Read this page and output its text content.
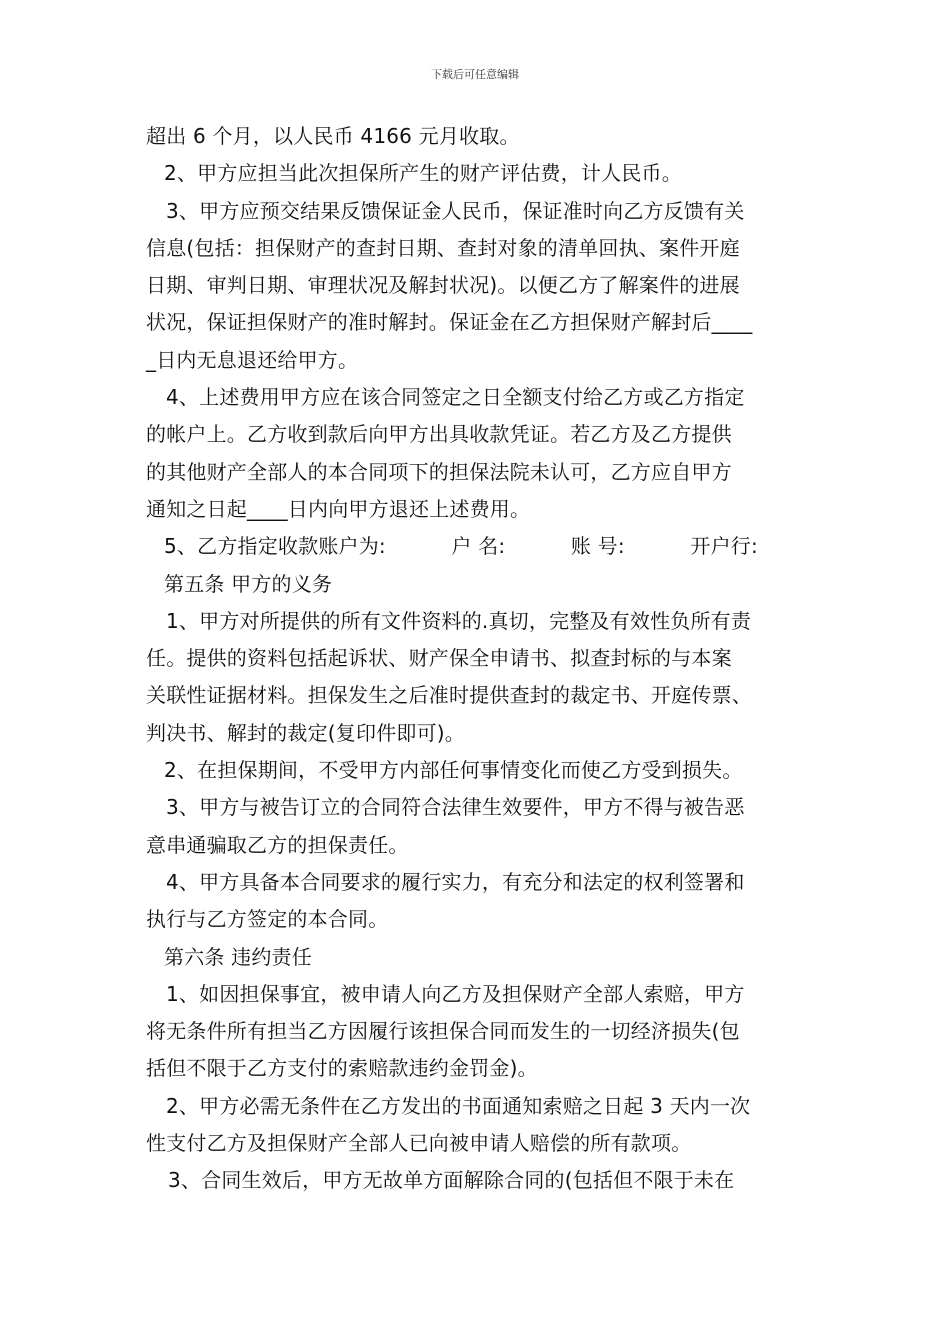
下载后可任意编辑
超出 6 个月，以人民币 4166 元月收取。
2、甲方应担当此次担保所产生的财产评估费，计人民币。
3、甲方应预交结果反馈保证金人民币，保证准时向乙方反馈有关
信息(包括：担保财产的查封日期、查封对象的清单回执、案件开庭
日期、审判日期、审理状况及解封状况)。以便乙方了解案件的进展
状况，保证担保财产的准时解封。保证金在乙方担保财产解封后____
_日内无息退还给甲方。
4、上述费用甲方应在该合同签定之日全额支付给乙方或乙方指定
的帐户上。乙方收到款后向甲方出具收款凭证。若乙方及乙方提供
的其他财产全部人的本合同项下的担保法院未认可，乙方应自甲方
通知之日起____日内向甲方退还上述费用。
5、乙方指定收款账户为:          户 名:          账 号:          开户行:
第五条 甲方的义务
1、甲方对所提供的所有文件资料的.真切，完整及有效性负所有责
任。提供的资料包括起诉状、财产保全申请书、拟查封标的与本案
关联性证据材料。担保发生之后准时提供查封的裁定书、开庭传票、
判决书、解封的裁定(复印件即可)。
2、在担保期间，不受甲方内部任何事情变化而使乙方受到损失。
3、甲方与被告订立的合同符合法律生效要件，甲方不得与被告恶
意串通骗取乙方的担保责任。
4、甲方具备本合同要求的履行实力，有充分和法定的权利签署和
执行与乙方签定的本合同。
第六条 违约责任
1、如因担保事宜，被申请人向乙方及担保财产全部人索赔，甲方
将无条件所有担当乙方因履行该担保合同而发生的一切经济损失(包
括但不限于乙方支付的索赔款违约金罚金)。
2、甲方必需无条件在乙方发出的书面通知索赔之日起 3 天内一次
性支付乙方及担保财产全部人已向被申请人赔偿的所有款项。
3、合同生效后，甲方无故单方面解除合同的(包括但不限于未在
